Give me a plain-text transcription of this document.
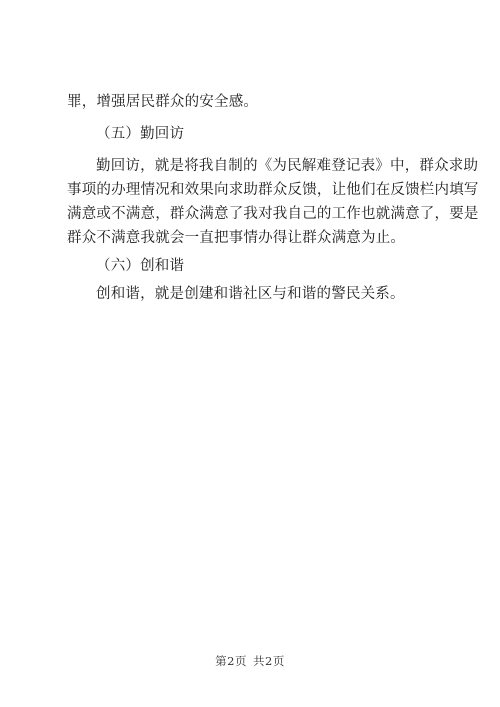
罪，增强居民群众的安全感。
（五）勤回访
勤回访，就是将我自制的《为民解难登记表》中，群众求助
事项的办理情况和效果向求助群众反馈，让他们在反馈栏内填写
满意或不满意，群众满意了我对我自己的工作也就满意了，要是
群众不满意我就会一直把事情办得让群众满意为止。
（六）创和谐
创和谐，就是创建和谐社区与和谐的警民关系。
第2页 共2页
